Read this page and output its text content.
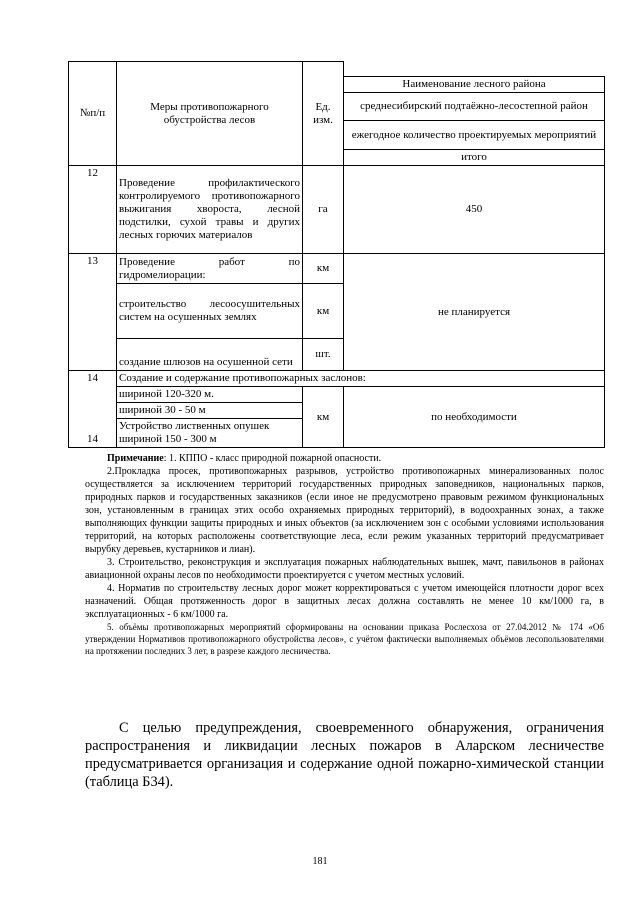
№п/п	Меры противопожарного обустройства лесов	Ед. изм.	
			Наименование лесного района
			среднесибирский подтаёжно-лесостепной район
			ежегодное количество проектируемых мероприятий
			итого
12	Проведение профилактического контролируемого противопожарного выжигания хвороста, лесной подстилки, сухой травы и других лесных горючих материалов	га	450
13	Проведение работ по гидромелиорации:	км	не планируется
	строительство лесоосушительных систем на осушенных землях	км	
	создание шлюзов на осушенной сети	шт.	

14
14	Создание и содержание противопожарных заслонов:		
	шириной 120-320 м.	км	по необходимости
	шириной 30 - 50 м		
	Устройство лиственных опушек шириной 150 - 300 м		

Примечание: 1. КППО - класс природной пожарной опасности.

2.Прокладка просек, противопожарных разрывов, устройство противопожарных минерализованных полос осуществляется за исключением территорий государственных природных заповедников, национальных парков, природных парков и государственных заказников (если иное не предусмотрено правовым режимом функциональных зон, установленным в границах этих особо охраняемых природных территорий), в водоохранных зонах, а также выполняющих функции защиты природных и иных объектов (за исключением зон с особыми условиями использования территорий, на которых расположены соответствующие леса, если режим указанных территорий предусматривает вырубку деревьев, кустарников и лиан).

3. Строительство, реконструкция и эксплуатация пожарных наблюдательных вышек, мачт, павильонов в районах авиационной охраны лесов по необходимости проектируется с учетом местных условий.

4. Норматив по строительству лесных дорог может корректироваться с учетом имеющейся плотности дорог всех назначений. Общая протяженность дорог в защитных лесах должна составлять не менее 10 км/1000 га, в эксплуатационных - 6 км/1000 га.

5. объёмы противопожарных мероприятий сформированы на основании приказа Рослесхоза от 27.04.2012 № 174 «Об утверждении Нормативов противопожарного обустройства лесов», с учётом фактически выполняемых объёмов лесопользователями на протяжении последних 3 лет, в разрезе каждого лесничества.

С целью предупреждения, своевременного обнаружения, ограничения распространения и ликвидации лесных пожаров в Аларском лесничестве предусматривается организация и содержание одной пожарно-химической станции (таблица Б34).

181
